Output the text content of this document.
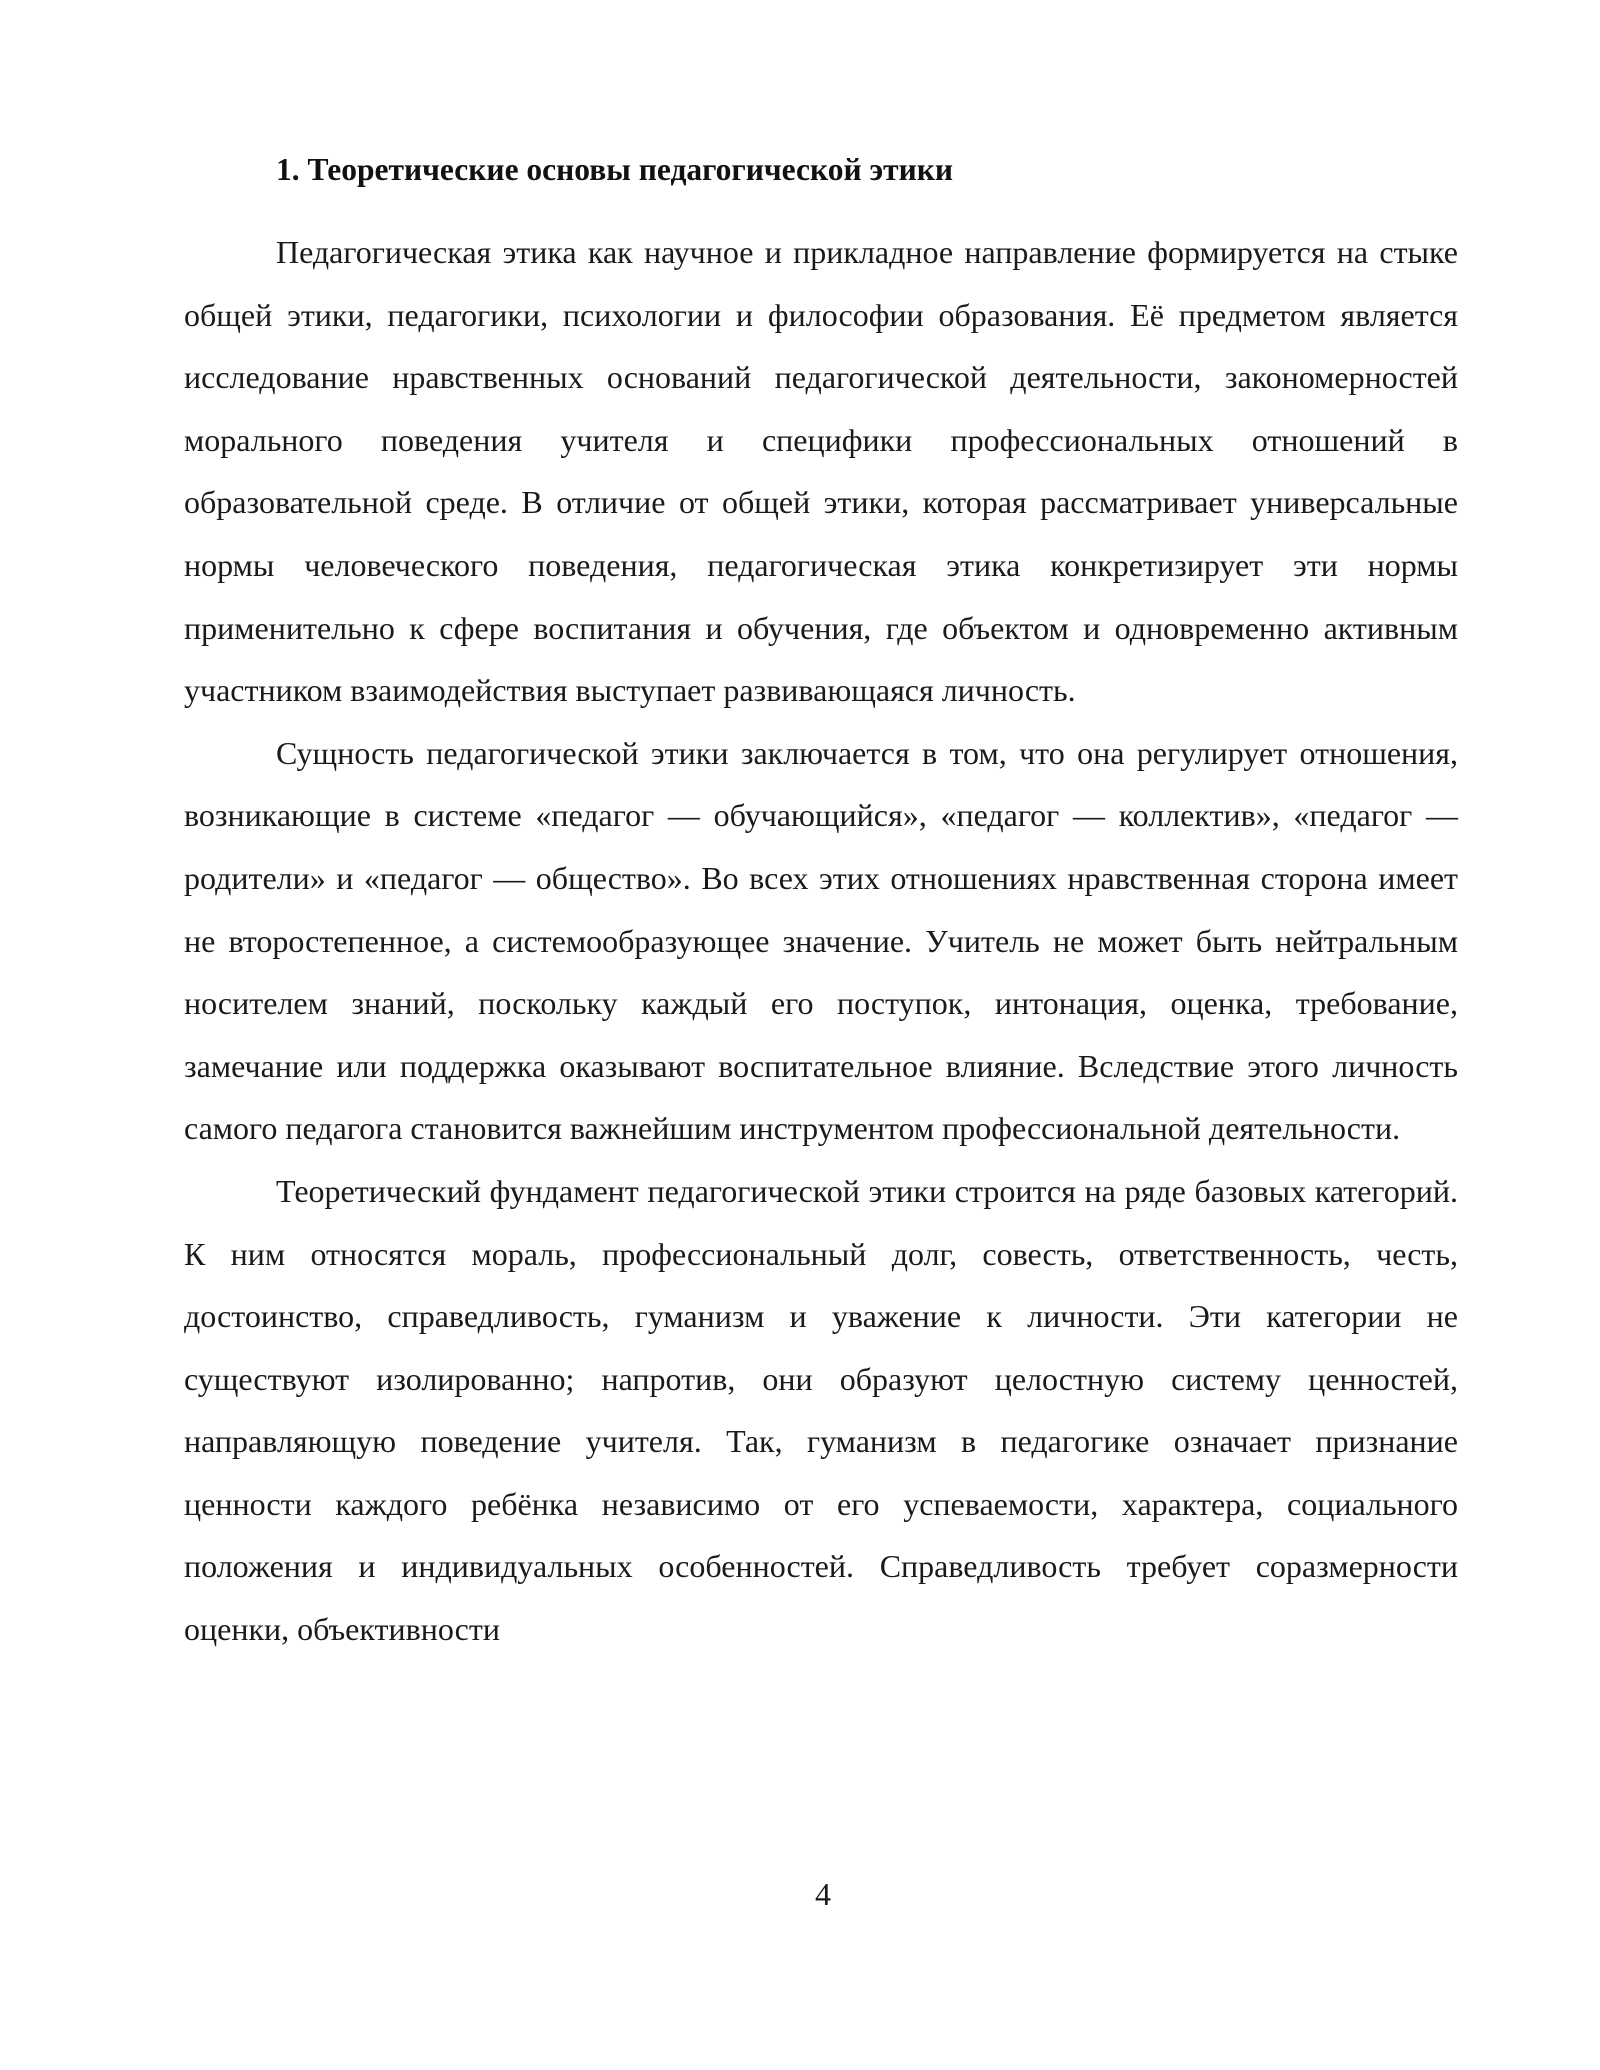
1. Теоретические основы педагогической этики

Педагогическая этика как научное и прикладное направление формируется на стыке общей этики, педагогики, психологии и философии образования. Её предметом является исследование нравственных оснований педагогической деятельности, закономерностей морального поведения учителя и специфики профессиональных отношений в образовательной среде. В отличие от общей этики, которая рассматривает универсальные нормы человеческого поведения, педагогическая этика конкретизирует эти нормы применительно к сфере воспитания и обучения, где объектом и одновременно активным участником взаимодействия выступает развивающаяся личность.

Сущность педагогической этики заключается в том, что она регулирует отношения, возникающие в системе «педагог — обучающийся», «педагог — коллектив», «педагог — родители» и «педагог — общество». Во всех этих отношениях нравственная сторона имеет не второстепенное, а системообразующее значение. Учитель не может быть нейтральным носителем знаний, поскольку каждый его поступок, интонация, оценка, требование, замечание или поддержка оказывают воспитательное влияние. Вследствие этого личность самого педагога становится важнейшим инструментом профессиональной деятельности.

Теоретический фундамент педагогической этики строится на ряде базовых категорий. К ним относятся мораль, профессиональный долг, совесть, ответственность, честь, достоинство, справедливость, гуманизм и уважение к личности. Эти категории не существуют изолированно; напротив, они образуют целостную систему ценностей, направляющую поведение учителя. Так, гуманизм в педагогике означает признание ценности каждого ребёнка независимо от его успеваемости, характера, социального положения и индивидуальных особенностей. Справедливость требует соразмерности оценки, объективности

4
